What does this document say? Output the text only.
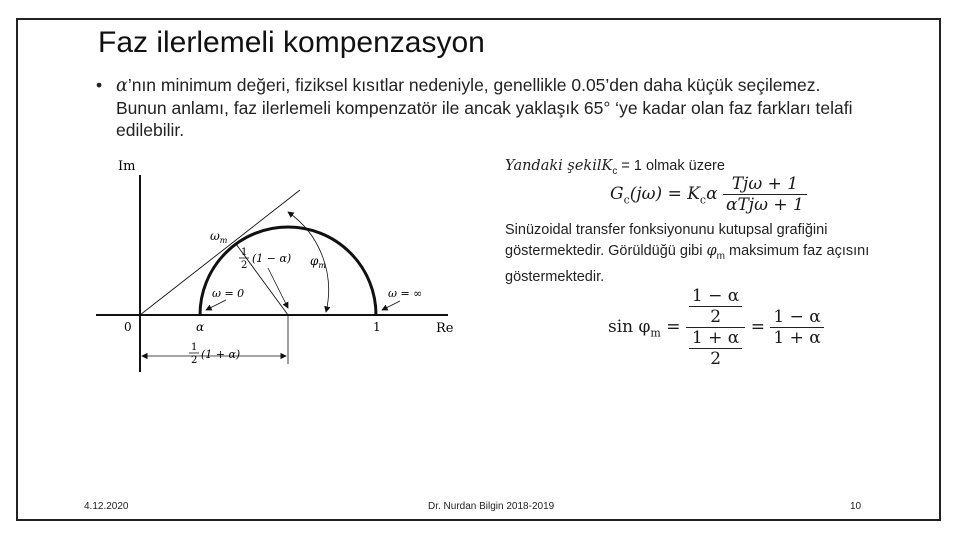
Faz ilerlemeli kompenzasyon
• α’nın minimum değeri, fiziksel kısıtlar nedeniyle, genellikle 0.05’den daha küçük seçilemez. Bunun anlamı, faz ilerlemeli kompenzatör ile ancak yaklaşık 65° ‘ye kadar olan faz farkları telafi edilebilir.
Im
Re
0	α	1
$\omega_m$
ω = 0	ω = ∞
1
2
(1 − α) $\varphi_m$
1
2 (1 + α)
Yandaki şekilK$_c$ = 1 olmak üzere
$G_c(j\omega) = K_c\alpha \frac{\text{Tjω + 1}}{\text{αTjω + 1}}$
Sinüzoidal transfer fonksiyonunu kutupsal grafiğini göstermektedir. Görüldüğü gibi $\varphi_m$ maksimum faz açısını göstermektedir.
$\sin \varphi_m = \frac{\frac{1 - \alpha}{2}}{\frac{1 + \alpha}{2}} = \frac{1 - \alpha}{1 + \alpha}$
4.12.2020	Dr. Nurdan Bilgin 2018-2019	10
